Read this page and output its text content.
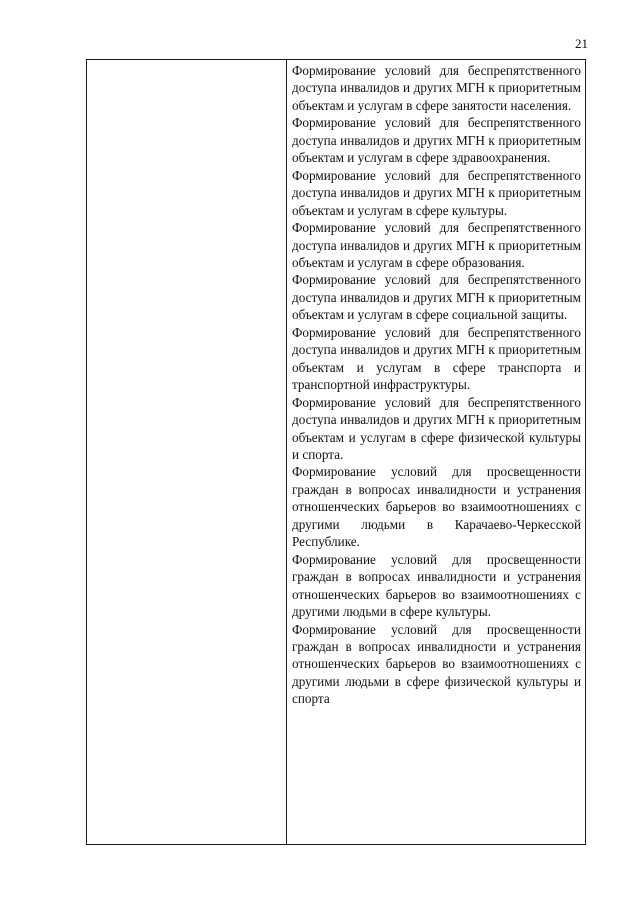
21

Формирование условий для беспрепятственного доступа инвалидов и других МГН к приоритетным объектам и услугам в сфере занятости населения.

Формирование условий для беспрепятственного доступа инвалидов и других МГН к приоритетным объектам и услугам в сфере здравоохранения.

Формирование условий для беспрепятственного доступа инвалидов и других МГН к приоритетным объектам и услугам в сфере культуры.

Формирование условий для беспрепятственного доступа инвалидов и других МГН к приоритетным объектам и услугам в сфере образования.

Формирование условий для беспрепятственного доступа инвалидов и других МГН к приоритетным объектам и услугам в сфере социальной защиты.

Формирование условий для беспрепятственного доступа инвалидов и других МГН к приоритетным объектам и услугам в сфере транспорта и транспортной инфраструктуры.

Формирование условий для беспрепятственного доступа инвалидов и других МГН к приоритетным объектам и услугам в сфере физической культуры и спорта.

Формирование условий для просвещенности граждан в вопросах инвалидности и устранения отношенческих барьеров во взаимоотношениях с другими людьми в Карачаево-Черкесской Республике.

Формирование условий для просвещенности граждан в вопросах инвалидности и устранения отношенческих барьеров во взаимоотношениях с другими людьми в сфере культуры.

Формирование условий для просвещенности граждан в вопросах инвалидности и устранения отношенческих барьеров во взаимоотношениях с другими людьми в сфере физической культуры и спорта
